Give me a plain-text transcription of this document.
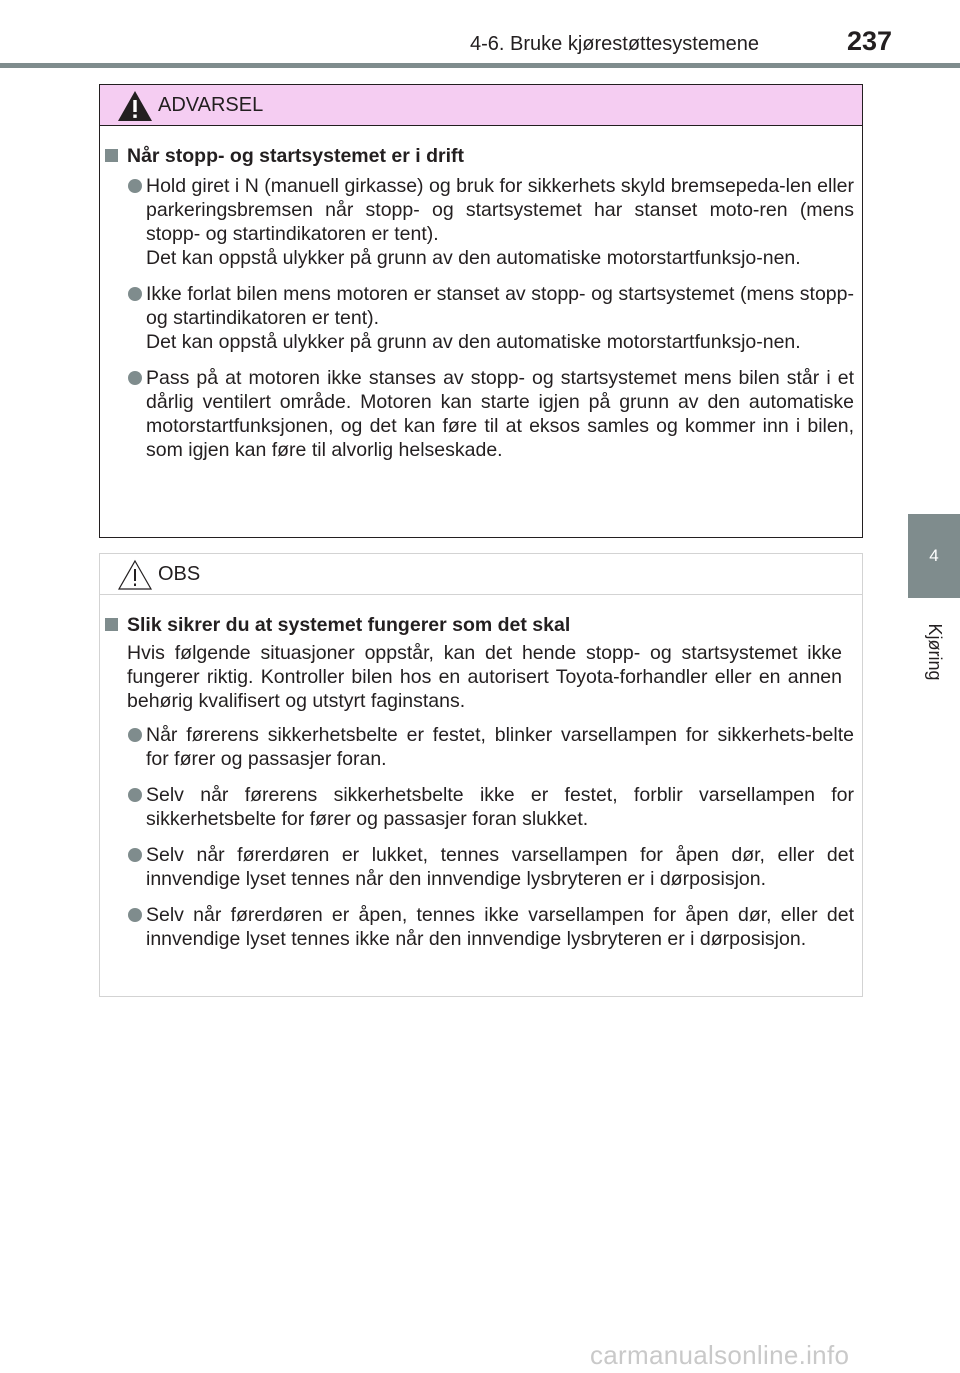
4-6. Bruke kjørestøttesystemene	237
4
Kjøring
ADVARSEL
Når stopp- og startsystemet er i drift

Hold giret i N (manuell girkasse) og bruk for sikkerhets skyld bremsepeda-len eller parkeringsbremsen når stopp- og startsystemet har stanset moto-ren (mens stopp- og startindikatoren er tent).

Det kan oppstå ulykker på grunn av den automatiske motorstartfunksjo-nen.

Ikke forlat bilen mens motoren er stanset av stopp- og startsystemet (mens stopp- og startindikatoren er tent).

Det kan oppstå ulykker på grunn av den automatiske motorstartfunksjo-nen.

Pass på at motoren ikke stanses av stopp- og startsystemet mens bilen står i et dårlig ventilert område. Motoren kan starte igjen på grunn av den automatiske motorstartfunksjonen, og det kan føre til at eksos samles og kommer inn i bilen, som igjen kan føre til alvorlig helseskade.

OBS
Slik sikrer du at systemet fungerer som det skal
Hvis følgende situasjoner oppstår, kan det hende stopp- og startsystemet ikke fungerer riktig. Kontroller bilen hos en autorisert Toyota-forhandler eller en annen behørig kvalifisert og utstyrt faginstans.

Når førerens sikkerhetsbelte er festet, blinker varsellampen for sikkerhets-belte for fører og passasjer foran.

Selv når førerens sikkerhetsbelte ikke er festet, forblir varsellampen for sikkerhetsbelte for fører og passasjer foran slukket.

Selv når førerdøren er lukket, tennes varsellampen for åpen dør, eller det innvendige lyset tennes når den innvendige lysbryteren er i dørposisjon.

Selv når førerdøren er åpen, tennes ikke varsellampen for åpen dør, eller det innvendige lyset tennes ikke når den innvendige lysbryteren er i dørposisjon.

carmanualsonline.info
